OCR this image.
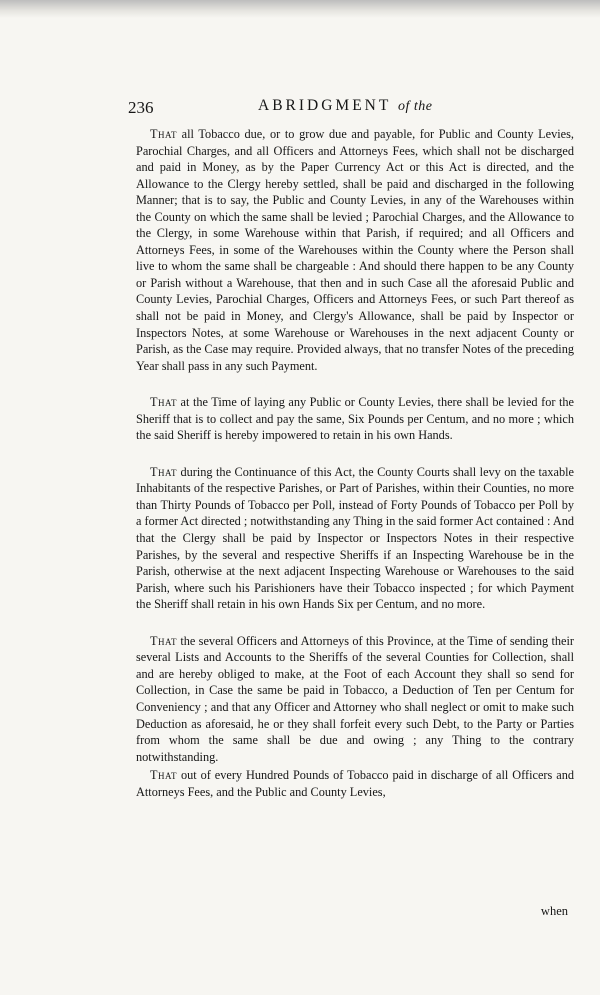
236	ABRIDGMENT of the

That all Tobacco due, or to grow due and payable, for Public and County Levies, Parochial Charges, and all Officers and Attorneys Fees, which shall not be discharged and paid in Money, as by the Paper Currency Act or this Act is directed, and the Allowance to the Clergy hereby settled, shall be paid and discharged in the following Manner; that is to say, the Public and County Levies, in any of the Warehouses within the County on which the same shall be levied ; Parochial Charges, and the Allowance to the Clergy, in some Warehouse within that Parish, if required; and all Officers and Attorneys Fees, in some of the Warehouses within the County where the Person shall live to whom the same shall be chargeable : And should there happen to be any County or Parish without a Warehouse, that then and in such Case all the aforesaid Public and County Levies, Parochial Charges, Officers and Attorneys Fees, or such Part thereof as shall not be paid in Money, and Clergy's Allowance, shall be paid by Inspector or Inspectors Notes, at some Warehouse or Warehouses in the next adjacent County or Parish, as the Case may require. Provided always, that no transfer Notes of the preceding Year shall pass in any such Payment.

That at the Time of laying any Public or County Levies, there shall be levied for the Sheriff that is to collect and pay the same, Six Pounds per Centum, and no more ; which the said Sheriff is hereby impowered to retain in his own Hands.

That during the Continuance of this Act, the County Courts shall levy on the taxable Inhabitants of the respective Parishes, or Part of Parishes, within their Counties, no more than Thirty Pounds of Tobacco per Poll, instead of Forty Pounds of Tobacco per Poll by a former Act directed ; notwithstanding any Thing in the said former Act contained : And that the Clergy shall be paid by Inspector or Inspectors Notes in their respective Parishes, by the several and respective Sheriffs if an Inspecting Warehouse be in the Parish, otherwise at the next adjacent Inspecting Warehouse or Warehouses to the said Parish, where such his Parishioners have their Tobacco inspected ; for which Payment the Sheriff shall retain in his own Hands Six per Centum, and no more.

That the several Officers and Attorneys of this Province, at the Time of sending their several Lists and Accounts to the Sheriffs of the several Counties for Collection, shall and are hereby obliged to make, at the Foot of each Account they shall so send for Collection, in Case the same be paid in Tobacco, a Deduction of Ten per Centum for Conveniency ; and that any Officer and Attorney who shall neglect or omit to make such Deduction as aforesaid, he or they shall forfeit every such Debt, to the Party or Parties from whom the same shall be due and owing ; any Thing to the contrary notwithstanding.

That out of every Hundred Pounds of Tobacco paid in discharge of all Officers and Attorneys Fees, and the Public and County Levies,

when
